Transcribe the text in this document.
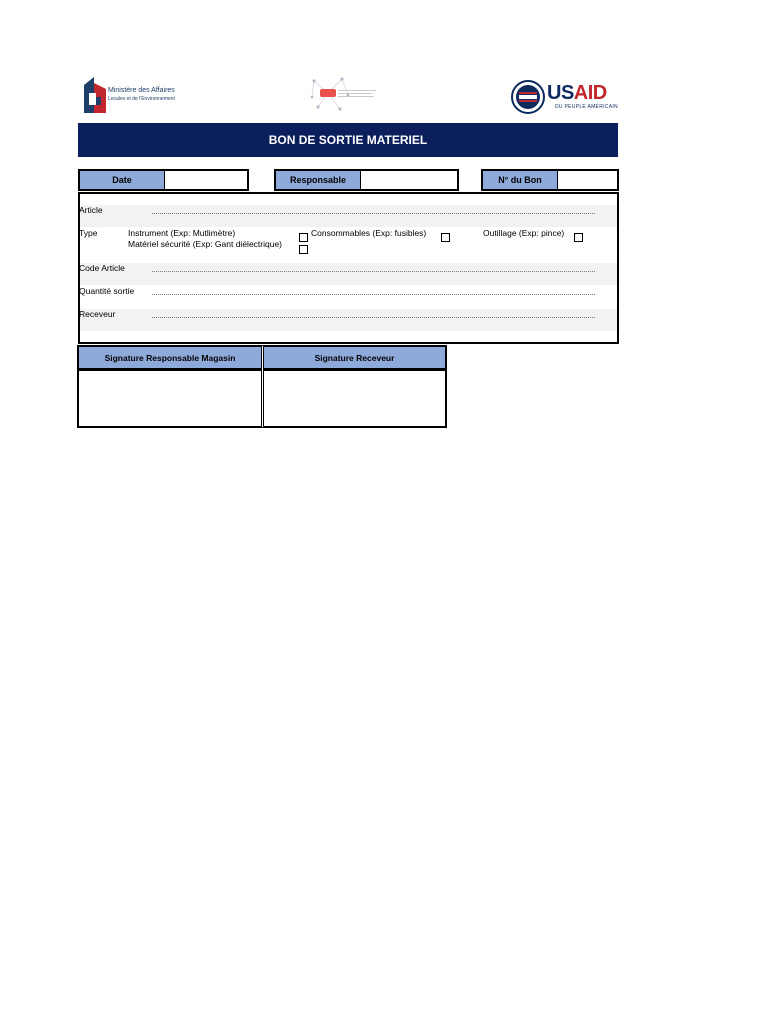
Ministère des Affaires
Locales et de l'Environnement	USAID
DU PEUPLE AMÉRICAIN
BON DE SORTIE MATERIEL
Date	Responsable	N° du Bon
Article
Type	Instrument (Exp: Mutlimètre)
Matériel sécurité (Exp: Gant diélectrique)
Consommables (Exp: fusibles)	Outillage (Exp: pince)
Code Article
Quantité sortie
Receveur
Signature Responsable Magasin	Signature Receveur
